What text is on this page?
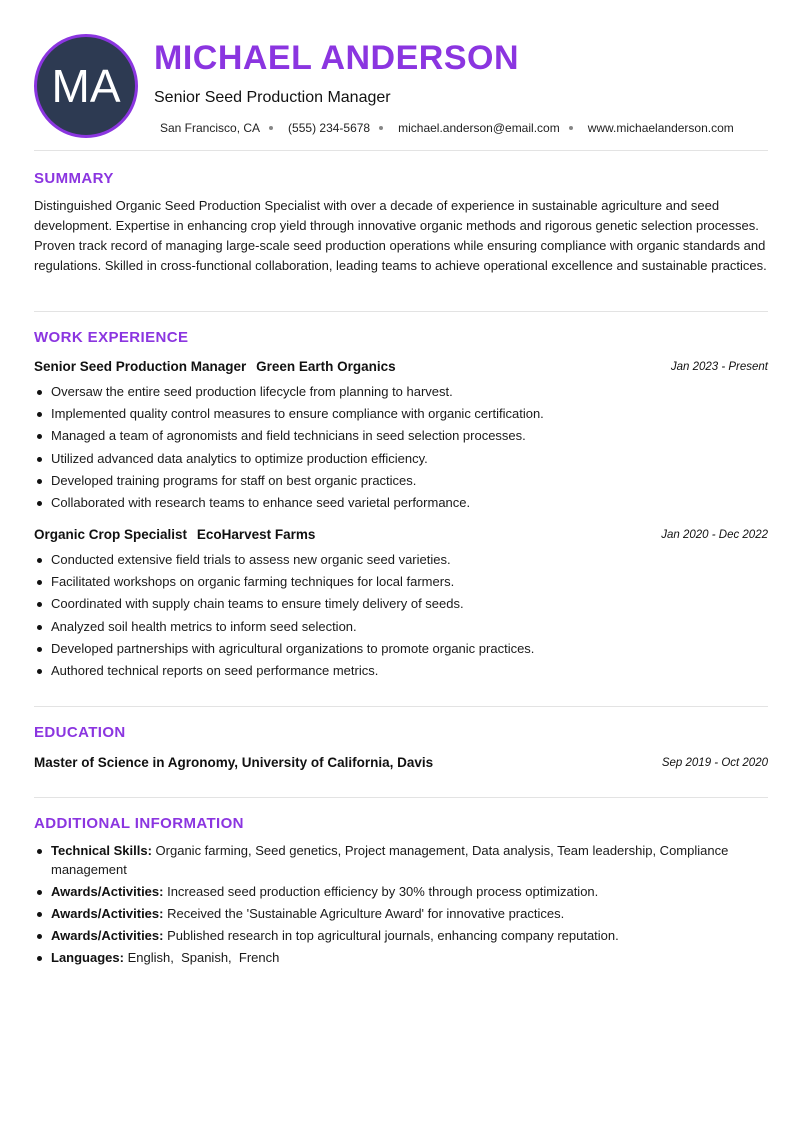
MA
MICHAEL ANDERSON
Senior Seed Production Manager
San Francisco, CA (555) 234-5678 michael.anderson@email.com www.michaelanderson.com
SUMMARY
Distinguished Organic Seed Production Specialist with over a decade of experience in sustainable agriculture and seed development. Expertise in enhancing crop yield through innovative organic methods and rigorous genetic selection processes. Proven track record of managing large-scale seed production operations while ensuring compliance with organic standards and regulations. Skilled in cross-functional collaboration, leading teams to achieve operational excellence and sustainable practices.
WORK EXPERIENCE
Senior Seed Production Manager Green Earth Organics	Jan 2023 - Present
Oversaw the entire seed production lifecycle from planning to harvest.
Implemented quality control measures to ensure compliance with organic certification.
Managed a team of agronomists and field technicians in seed selection processes.
Utilized advanced data analytics to optimize production efficiency.
Developed training programs for staff on best organic practices.
Collaborated with research teams to enhance seed varietal performance.
Organic Crop Specialist EcoHarvest Farms	Jan 2020 - Dec 2022
Conducted extensive field trials to assess new organic seed varieties.
Facilitated workshops on organic farming techniques for local farmers.
Coordinated with supply chain teams to ensure timely delivery of seeds.
Analyzed soil health metrics to inform seed selection.
Developed partnerships with agricultural organizations to promote organic practices.
Authored technical reports on seed performance metrics.
EDUCATION
Master of Science in Agronomy, University of California, Davis	Sep 2019 - Oct 2020
ADDITIONAL INFORMATION
Technical Skills: Organic farming, Seed genetics, Project management, Data analysis, Team leadership, Compliance management
Awards/Activities: Increased seed production efficiency by 30% through process optimization.
Awards/Activities: Received the 'Sustainable Agriculture Award' for innovative practices.
Awards/Activities: Published research in top agricultural journals, enhancing company reputation.
Languages: English,  Spanish,  French
